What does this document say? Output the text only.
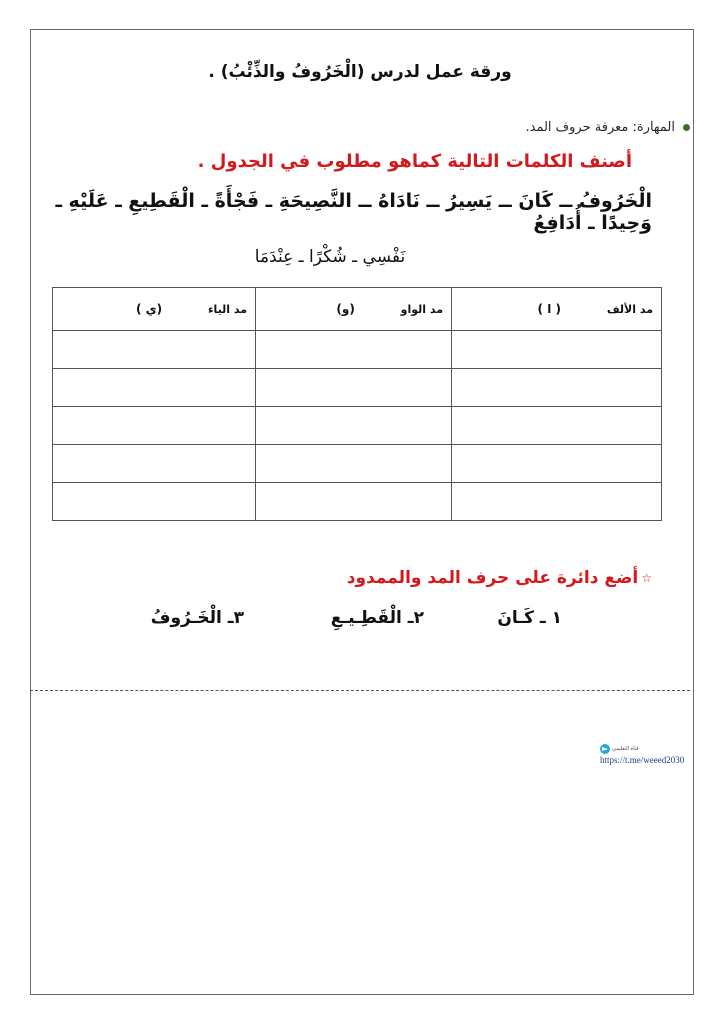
ورقة عمل لدرس (الْخَرُوفُ والذِّئْبُ) .
المهارة: معرفة حروف المد.
أصنف الكلمات التالية كماهو مطلوب في الجدول .
الْخَرُوفُ ــ كَانَ ــ يَسِيرُ ــ نَادَاهُ ــ النَّصِيحَةِ ـ فَجْأَةً ـ الْقَطِيعِ ـ عَلَيْهِ ـ وَحِيدًا ـ أُدَافِعُ
نَفْسِي ـ شُكْرًا ـ عِنْدَمَا
مد الألف ( ا )	مد الواو (و)	مد الياء (ي )

☆
أضع دائرة على حرف المد والممدود
١ ـ كَـانَ
٢ـ الْقَطِـيـعِ
٣ـ الْخَـرُوفُ
قناة التعليمي
https://t.me/weeed2030
